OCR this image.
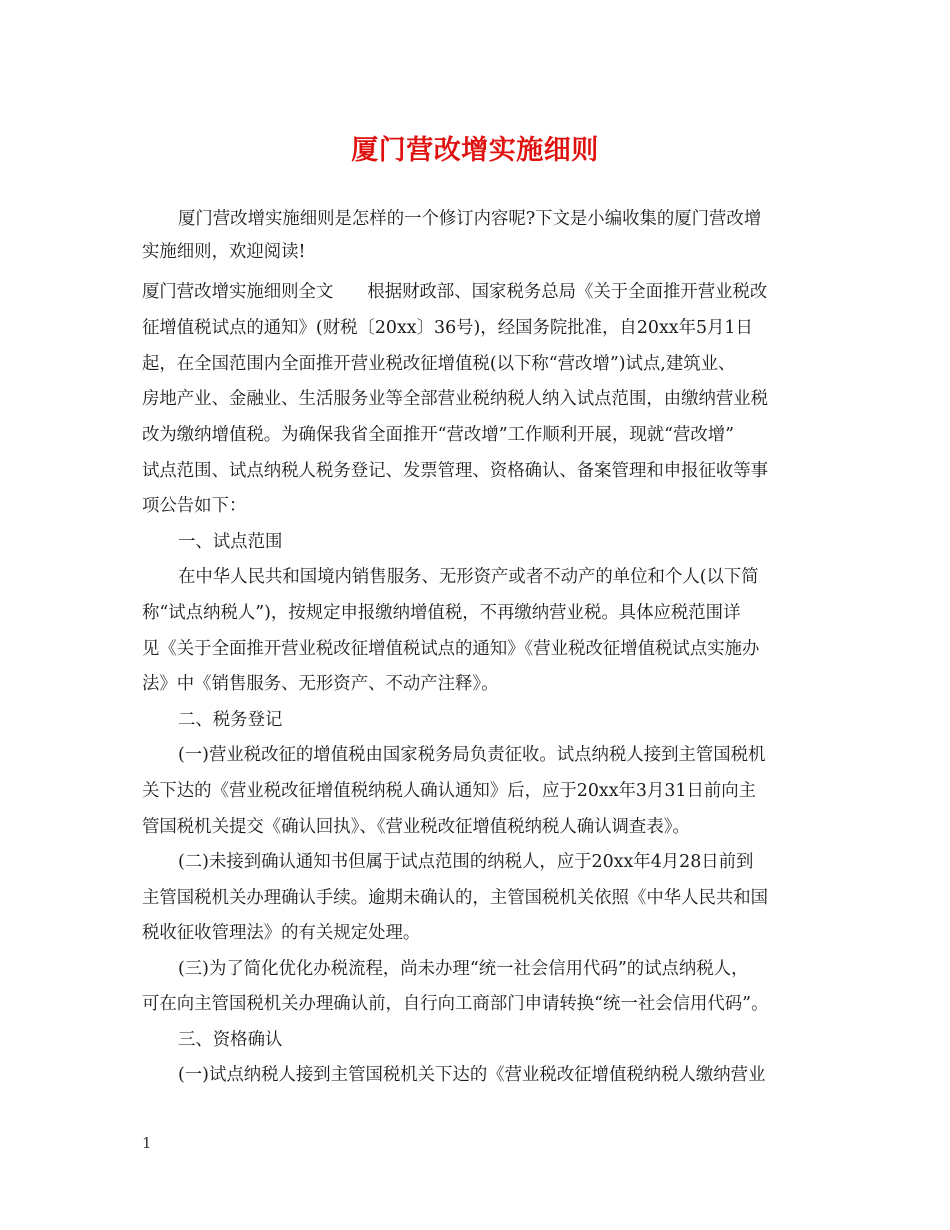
厦门营改增实施细则
厦门营改增实施细则是怎样的一个修订内容呢?下文是小编收集的厦门营改增
实施细则，欢迎阅读!
厦门营改增实施细则全文 根据财政部、国家税务总局《关于全面推开营业税改
征增值税试点的通知》(财税〔20xx〕36号)，经国务院批准，自20xx年5月1日
起，在全国范围内全面推开营业税改征增值税(以下称“营改增”)试点,建筑业、
房地产业、金融业、生活服务业等全部营业税纳税人纳入试点范围，由缴纳营业税
改为缴纳增值税。为确保我省全面推开“营改增”工作顺利开展，现就“营改增”
试点范围、试点纳税人税务登记、发票管理、资格确认、备案管理和申报征收等事
项公告如下：
一、试点范围
在中华人民共和国境内销售服务、无形资产或者不动产的单位和个人(以下简
称“试点纳税人”)，按规定申报缴纳增值税，不再缴纳营业税。具体应税范围详
见《关于全面推开营业税改征增值税试点的通知》《营业税改征增值税试点实施办
法》中《销售服务、无形资产、不动产注释》。
二、税务登记
(一)营业税改征的增值税由国家税务局负责征收。试点纳税人接到主管国税机
关下达的《营业税改征增值税纳税人确认通知》后，应于20xx年3月31日前向主
管国税机关提交《确认回执》、《营业税改征增值税纳税人确认调查表》。
(二)未接到确认通知书但属于试点范围的纳税人，应于20xx年4月28日前到
主管国税机关办理确认手续。逾期未确认的，主管国税机关依照《中华人民共和国
税收征收管理法》的有关规定处理。
(三)为了简化优化办税流程，尚未办理“统一社会信用代码”的试点纳税人，
可在向主管国税机关办理确认前，自行向工商部门申请转换“统一社会信用代码”。
三、资格确认
(一)试点纳税人接到主管国税机关下达的《营业税改征增值税纳税人缴纳营业
1
